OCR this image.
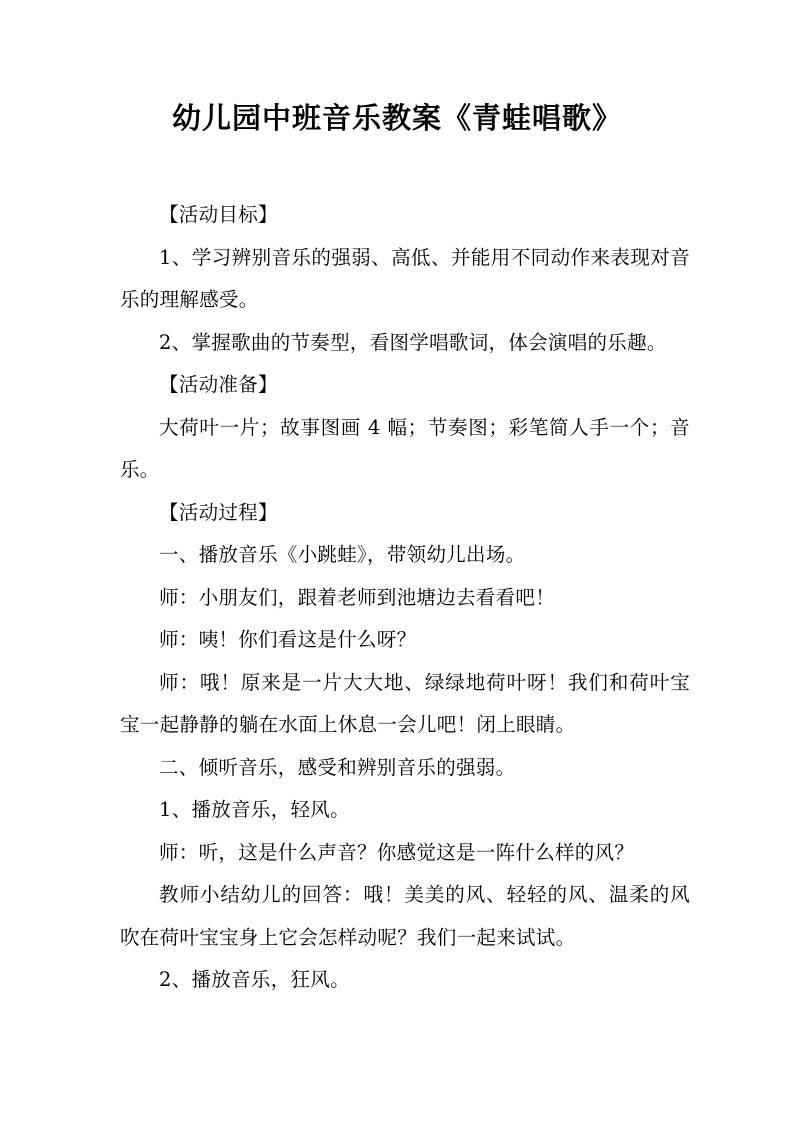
幼儿园中班音乐教案《青蛙唱歌》

【活动目标】

1、学习辨别音乐的强弱、高低、并能用不同动作来表现对音乐的理解感受。

2、掌握歌曲的节奏型，看图学唱歌词，体会演唱的乐趣。

【活动准备】

大荷叶一片；故事图画 4 幅；节奏图；彩笔简人手一个；音乐。

【活动过程】

一、播放音乐《小跳蛙》，带领幼儿出场。

师：小朋友们，跟着老师到池塘边去看看吧！

师：咦！你们看这是什么呀？

师：哦！原来是一片大大地、绿绿地荷叶呀！我们和荷叶宝宝一起静静的躺在水面上休息一会儿吧！闭上眼睛。

二、倾听音乐，感受和辨别音乐的强弱。

1、播放音乐，轻风。

师：听，这是什么声音？你感觉这是一阵什么样的风？

教师小结幼儿的回答：哦！美美的风、轻轻的风、温柔的风吹在荷叶宝宝身上它会怎样动呢？我们一起来试试。

2、播放音乐，狂风。
